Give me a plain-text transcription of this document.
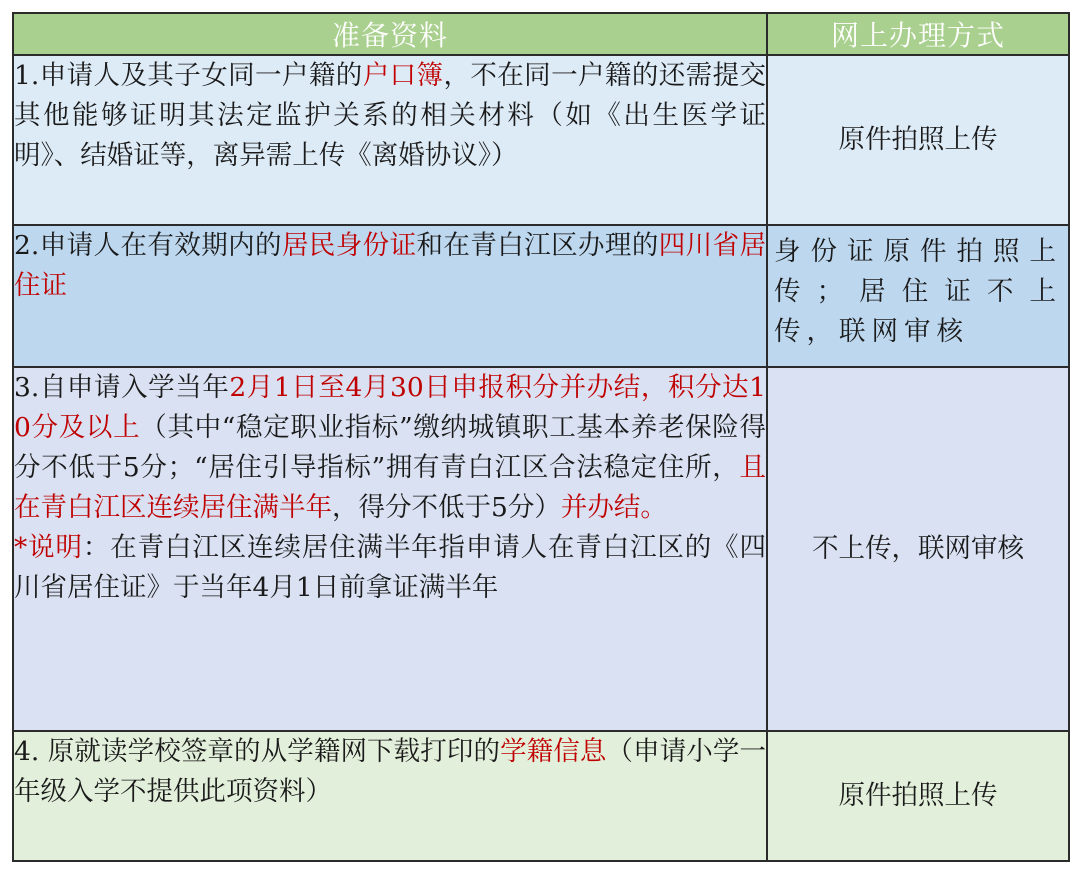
准备资料	网上办理方式
1.申请人及其子女同一户籍的户口簿，不在同一户籍的还需提交其他能够证明其法定监护关系的相关材料（如《出生医学证明》、结婚证等，离异需上传《离婚协议》）	原件拍照上传
2.申请人在有效期内的居民身份证和在青白江区办理的四川省居住证	身份证原件拍照上传；居住证不上传，联网审核
3.自申请入学当年2月1日至4月30日申报积分并办结，积分达10分及以上（其中“稳定职业指标”缴纳城镇职工基本养老保险得分不低于5分；“居住引导指标”拥有青白江区合法稳定住所，且在青白江区连续居住满半年，得分不低于5分）并办结。
*说明：在青白江区连续居住满半年指申请人在青白江区的《四川省居住证》于当年4月1日前拿证满半年	不上传，联网审核
4. 原就读学校签章的从学籍网下载打印的学籍信息（申请小学一年级入学不提供此项资料）	原件拍照上传
